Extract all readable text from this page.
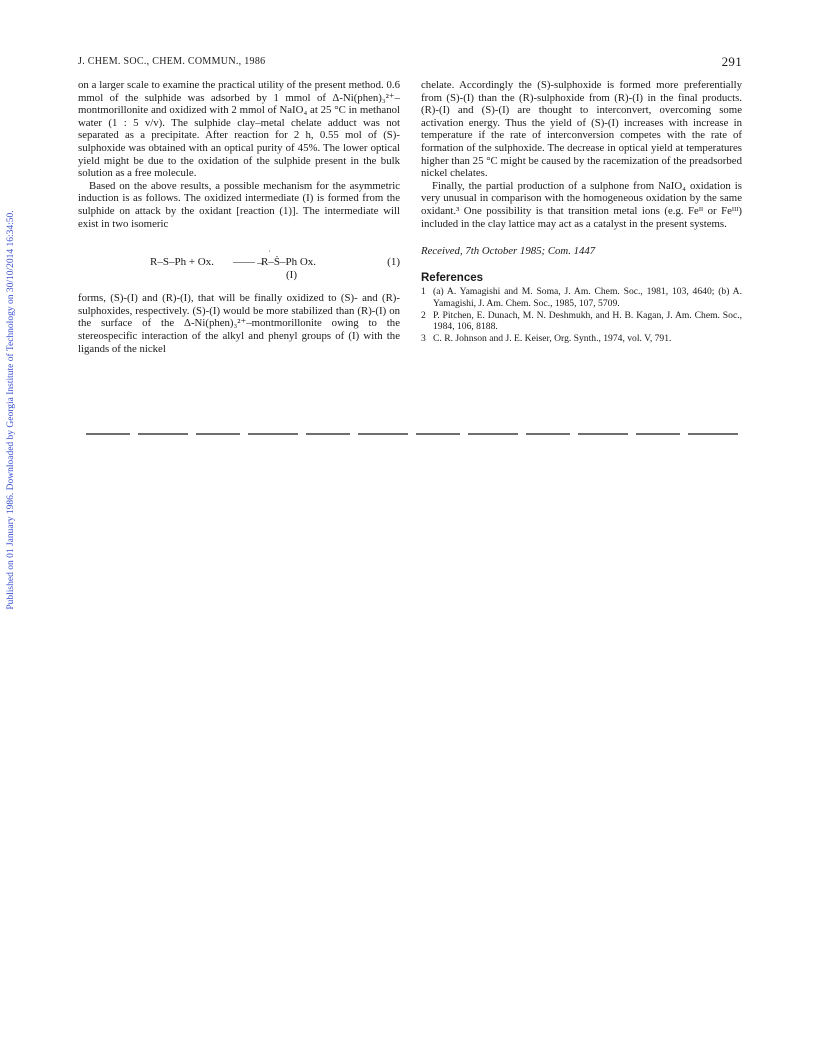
Published on 01 January 1986. Downloaded by Georgia Institute of Technology on 30/10/2014 16:34:50.
J. CHEM. SOC., CHEM. COMMUN., 1986	291

on a larger scale to examine the practical utility of the present method. 0.6 mmol of the sulphide was adsorbed by 1 mmol of Δ-Ni(phen)₃²⁺–montmorillonite and oxidized with 2 mmol of NaIO₄ at 25 °C in methanol water (1 : 5 v/v). The sulphide clay–metal chelate adduct was not separated as a precipitate. After reaction for 2 h, 0.55 mol of (S)-sulphoxide was obtained with an optical purity of 45%. The lower optical yield might be due to the oxidation of the sulphide present in the bulk solution as a free molecule.

Based on the above results, a possible mechanism for the asymmetric induction is as follows. The oxidized intermediate (I) is formed from the sulphide on attack by the oxidant [reaction (1)]. The intermediate will exist in two isomeric

R–S–Ph + Ox. ——→
R–Ṡ–Ph Ox.
·
(I)
(1)

forms, (S)-(I) and (R)-(I), that will be finally oxidized to (S)- and (R)-sulphoxides, respectively. (S)-(I) would be more stabilized than (R)-(I) on the surface of the Δ-Ni(phen)₃²⁺–montmorillonite owing to the stereospecific interaction of the alkyl and phenyl groups of (I) with the ligands of the nickel

chelate. Accordingly the (S)-sulphoxide is formed more preferentially from (S)-(I) than the (R)-sulphoxide from (R)-(I) in the final products. (R)-(I) and (S)-(I) are thought to interconvert, overcoming some activation energy. Thus the yield of (S)-(I) increases with increase in temperature if the rate of interconversion competes with the rate of formation of the sulphoxide. The decrease in optical yield at temperatures higher than 25 °C might be caused by the racemization of the preadsorbed nickel chelates.

Finally, the partial production of a sulphone from NaIO₄ oxidation is very unusual in comparison with the homogeneous oxidation by the same oxidant.³ One possibility is that transition metal ions (e.g. Feᴵᴵ or Feᴵᴵᴵ) included in the clay lattice may act as a catalyst in the present systems.

Received, 7th October 1985; Com. 1447

References
1 (a) A. Yamagishi and M. Soma, J. Am. Chem. Soc., 1981, 103, 4640; (b) A. Yamagishi, J. Am. Chem. Soc., 1985, 107, 5709.
2 P. Pitchen, E. Dunach, M. N. Deshmukh, and H. B. Kagan, J. Am. Chem. Soc., 1984, 106, 8188.
3 C. R. Johnson and J. E. Keiser, Org. Synth., 1974, vol. V, 791.
